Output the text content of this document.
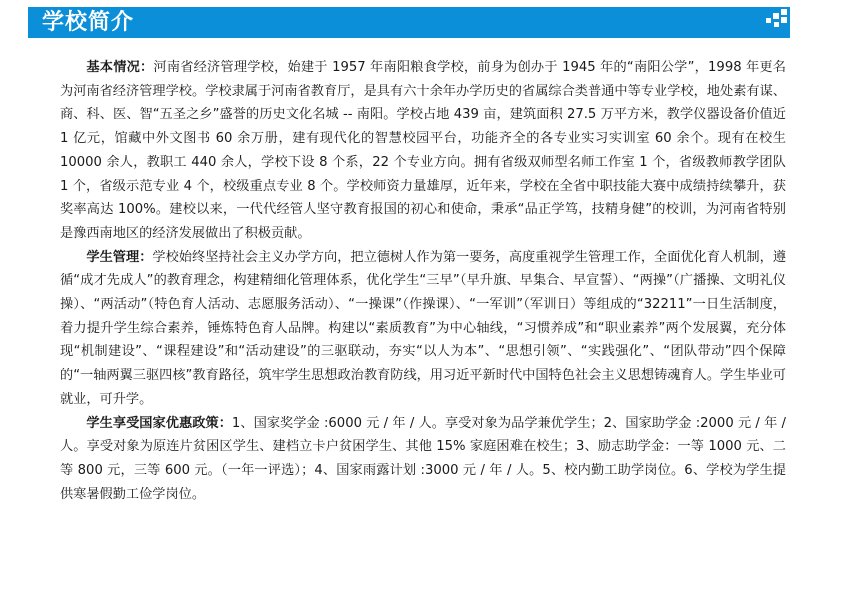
学校简介

基本情况：河南省经济管理学校，始建于 1957 年南阳粮食学校，前身为创办于 1945 年的“南阳公学”，1998 年更名为河南省经济管理学校。学校隶属于河南省教育厅，是具有六十余年办学历史的省属综合类普通中等专业学校，地处素有谋、商、科、医、智“五圣之乡”盛誉的历史文化名城 -- 南阳。学校占地 439 亩，建筑面积 27.5 万平方米，教学仪器设备价值近 1 亿元，馆藏中外文图书 60 余万册，建有现代化的智慧校园平台，功能齐全的各专业实习实训室 60 余个。现有在校生 10000 余人，教职工 440 余人，学校下设 8 个系，22 个专业方向。拥有省级双师型名师工作室 1 个，省级教师教学团队 1 个，省级示范专业 4 个，校级重点专业 8 个。学校师资力量雄厚，近年来，学校在全省中职技能大赛中成绩持续攀升，获奖率高达 100%。建校以来，一代代经管人坚守教育报国的初心和使命，秉承“品正学笃，技精身健”的校训，为河南省特别是豫西南地区的经济发展做出了积极贡献。

学生管理：学校始终坚持社会主义办学方向，把立德树人作为第一要务，高度重视学生管理工作，全面优化育人机制，遵循“成才先成人”的教育理念，构建精细化管理体系，优化学生“三早”（早升旗、早集合、早宣誓）、“两操”（广播操、文明礼仪操）、“两活动”（特色育人活动、志愿服务活动）、“一操课”（作操课）、“一军训”（军训日）等组成的“32211”一日生活制度，着力提升学生综合素养，锤炼特色育人品牌。构建以“素质教育”为中心轴线，“习惯养成”和“职业素养”两个发展翼，充分体现“机制建设”、“课程建设”和“活动建设”的三驱联动，夯实“以人为本”、“思想引领”、“实践强化”、“团队带动”四个保障的“一轴两翼三驱四核”教育路径，筑牢学生思想政治教育防线，用习近平新时代中国特色社会主义思想铸魂育人。学生毕业可就业，可升学。

学生享受国家优惠政策：1、国家奖学金 :6000 元 / 年 / 人。享受对象为品学兼优学生；2、国家助学金 :2000 元 / 年 / 人。享受对象为原连片贫困区学生、建档立卡户贫困学生、其他 15% 家庭困难在校生；3、励志助学金：一等 1000 元、二等 800 元，三等 600 元。（一年一评选）；4、国家雨露计划 :3000 元 / 年 / 人。5、校内勤工助学岗位。6、学校为学生提供寒暑假勤工俭学岗位。
